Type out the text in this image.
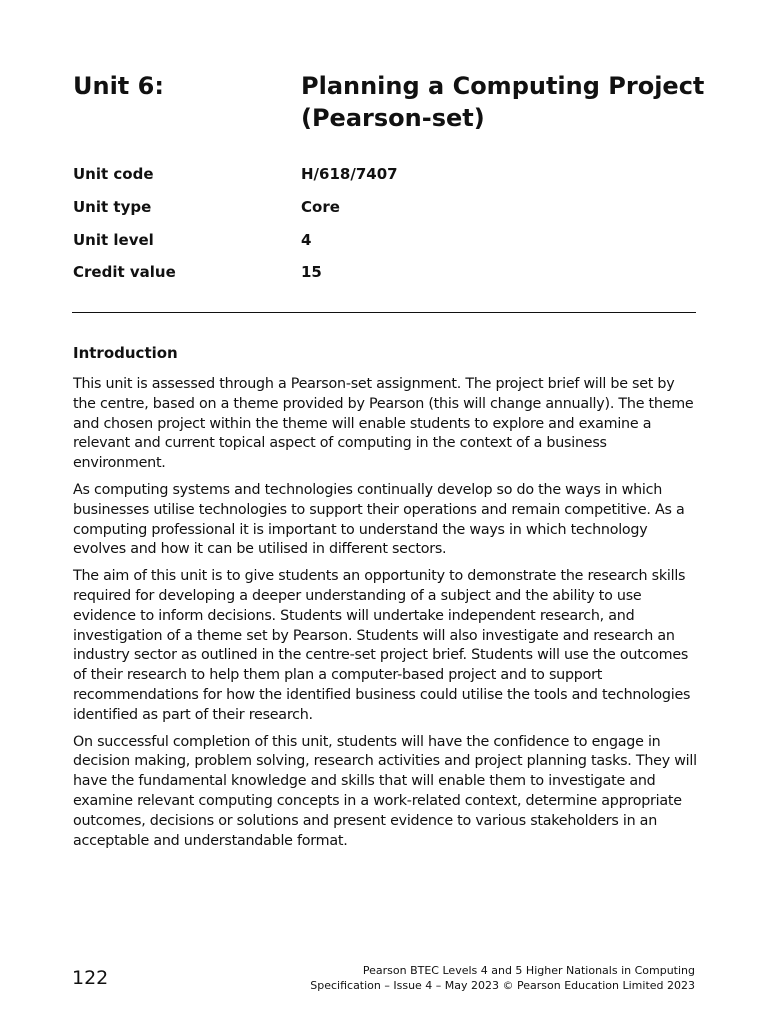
Unit 6:	Planning a Computing Project
(Pearson-set)
Unit code	H/618/7407
Unit type	Core
Unit level	4
Credit value	15
Introduction

This unit is assessed through a Pearson-set assignment. The project brief will be set by the centre, based on a theme provided by Pearson (this will change annually). The theme and chosen project within the theme will enable students to explore and examine a relevant and current topical aspect of computing in the context of a business environment.

As computing systems and technologies continually develop so do the ways in which businesses utilise technologies to support their operations and remain competitive. As a computing professional it is important to understand the ways in which technology evolves and how it can be utilised in different sectors.

The aim of this unit is to give students an opportunity to demonstrate the research skills required for developing a deeper understanding of a subject and the ability to use evidence to inform decisions. Students will undertake independent research, and investigation of a theme set by Pearson. Students will also investigate and research an industry sector as outlined in the centre-set project brief. Students will use the outcomes of their research to help them plan a computer-based project and to support recommendations for how the identified business could utilise the tools and technologies identified as part of their research.

On successful completion of this unit, students will have the confidence to engage in decision making, problem solving, research activities and project planning tasks. They will have the fundamental knowledge and skills that will enable them to investigate and examine relevant computing concepts in a work-related context, determine appropriate outcomes, decisions or solutions and present evidence to various stakeholders in an acceptable and understandable format.

122	Pearson BTEC Levels 4 and 5 Higher Nationals in Computing
Specification – Issue 4 – May 2023 © Pearson Education Limited 2023
